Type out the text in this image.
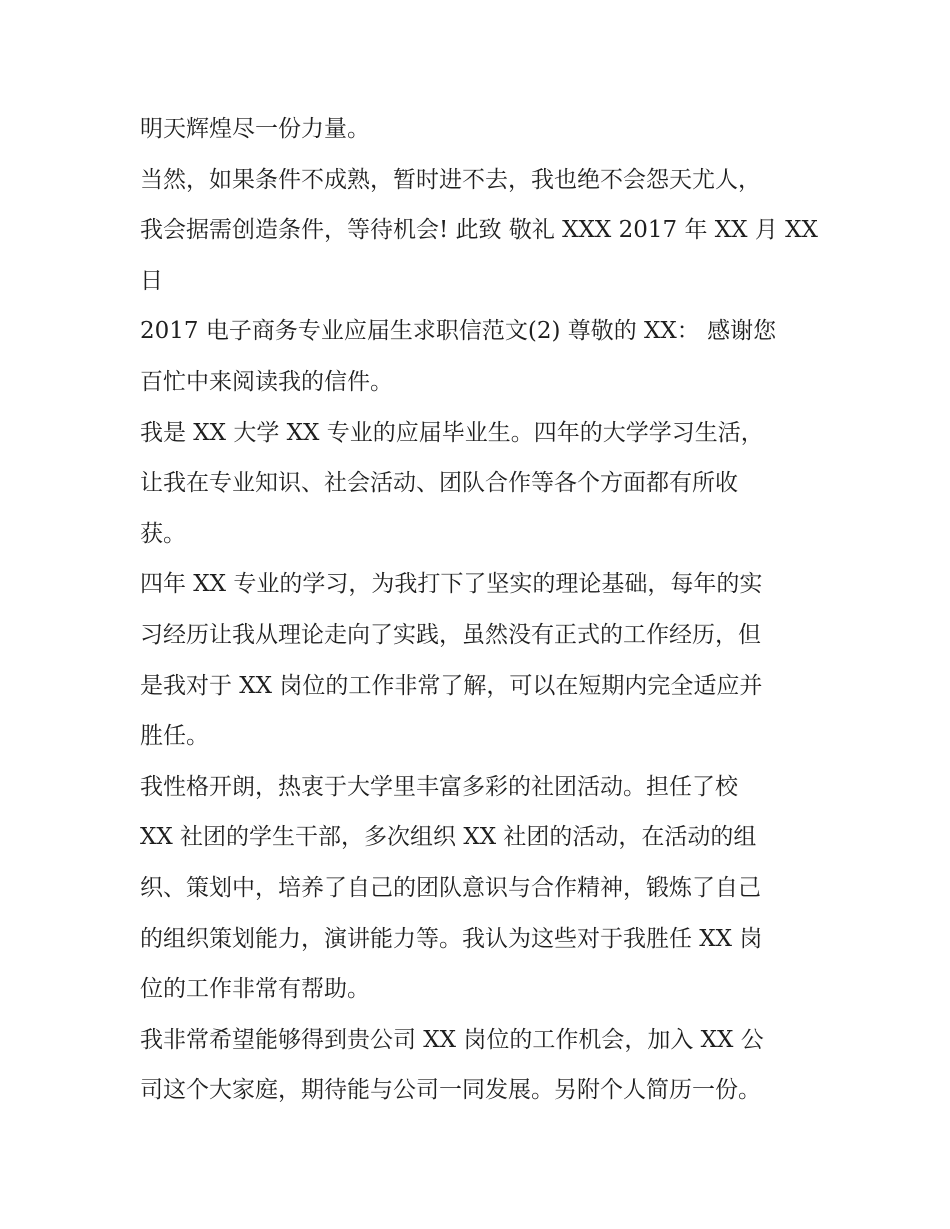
明天辉煌尽一份力量。

当然，如果条件不成熟，暂时进不去，我也绝不会怨天尤人，
我会据需创造条件，等待机会! 此致 敬礼 XXX 2017 年 XX 月 XX
日

2017 电子商务专业应届生求职信范文(2) 尊敬的 XX： 感谢您
百忙中来阅读我的信件。

我是 XX 大学 XX 专业的应届毕业生。四年的大学学习生活，
让我在专业知识、社会活动、团队合作等各个方面都有所收
获。

四年 XX 专业的学习，为我打下了坚实的理论基础，每年的实
习经历让我从理论走向了实践，虽然没有正式的工作经历，但
是我对于 XX 岗位的工作非常了解，可以在短期内完全适应并
胜任。

我性格开朗，热衷于大学里丰富多彩的社团活动。担任了校
XX 社团的学生干部，多次组织 XX 社团的活动，在活动的组
织、策划中，培养了自己的团队意识与合作精神，锻炼了自己
的组织策划能力，演讲能力等。我认为这些对于我胜任 XX 岗
位的工作非常有帮助。

我非常希望能够得到贵公司 XX 岗位的工作机会，加入 XX 公
司这个大家庭，期待能与公司一同发展。另附个人简历一份。
